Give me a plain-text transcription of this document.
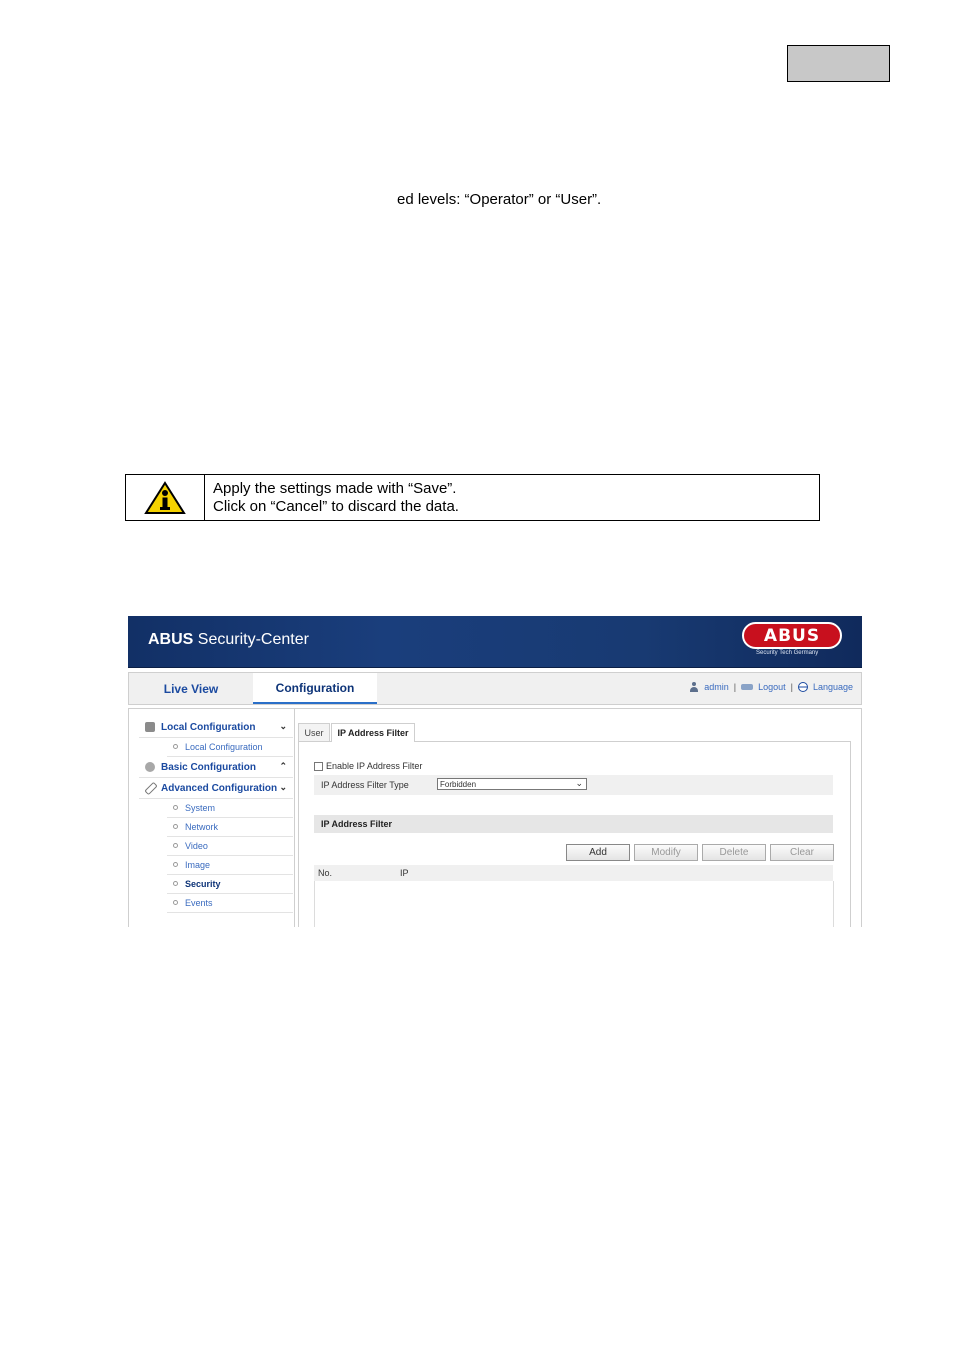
ed levels: “Operator” or “User”.
Apply the settings made with “Save”.
Click on “Cancel” to discard the data.
ABUS Security-Center	ABUS
Security Tech Germany
Live View	Configuration	admin | Logout | Language
Local Configuration	⌄
Local Configuration
Basic Configuration	⌃
Advanced Configuration ⌄
System
Network
Video
Image
Security
Events
User	IP Address Filter
Enable IP Address Filter
IP Address Filter Type	Forbidden	⌄
IP Address Filter
Add	Modify	Delete	Clear
No.	IP
